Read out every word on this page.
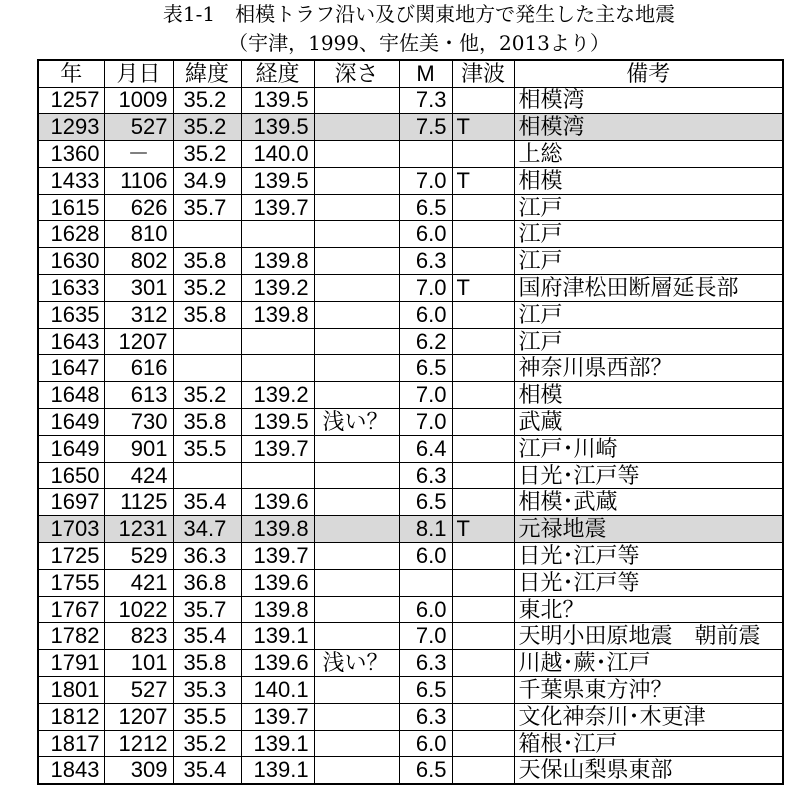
表1-1　相模トラフ沿い及び関東地方で発生した主な地震
（宇津，1999、宇佐美・他，2013より）
年	月日	緯度	経度	深さ	M	津波	備考
1257	1009	35.2	139.5		7.3		相模湾
1293	527	35.2	139.5		7.5	T	相模湾
1360	－	35.2	140.0				上総
1433	1106	34.9	139.5		7.0	T	相模
1615	626	35.7	139.7		6.5		江戸
1628	810				6.0		江戸
1630	802	35.8	139.8		6.3		江戸
1633	301	35.2	139.2		7.0	T	国府津松田断層延長部
1635	312	35.8	139.8		6.0		江戸
1643	1207				6.2		江戸
1647	616				6.5		神奈川県西部？
1648	613	35.2	139.2		7.0		相模
1649	730	35.8	139.5	浅い？	7.0		武蔵
1649	901	35.5	139.7		6.4		江戸･川崎
1650	424				6.3		日光･江戸等
1697	1125	35.4	139.6		6.5		相模･武蔵
1703	1231	34.7	139.8		8.1	T	元禄地震
1725	529	36.3	139.7		6.0		日光･江戸等
1755	421	36.8	139.6				日光･江戸等
1767	1022	35.7	139.8		6.0		東北？
1782	823	35.4	139.1		7.0		天明小田原地震　朝前震
1791	101	35.8	139.6	浅い？	6.3		川越･蕨･江戸
1801	527	35.3	140.1		6.5		千葉県東方沖？
1812	1207	35.5	139.7		6.3		文化神奈川･木更津
1817	1212	35.2	139.1		6.0		箱根･江戸
1843	309	35.4	139.1		6.5		天保山梨県東部
